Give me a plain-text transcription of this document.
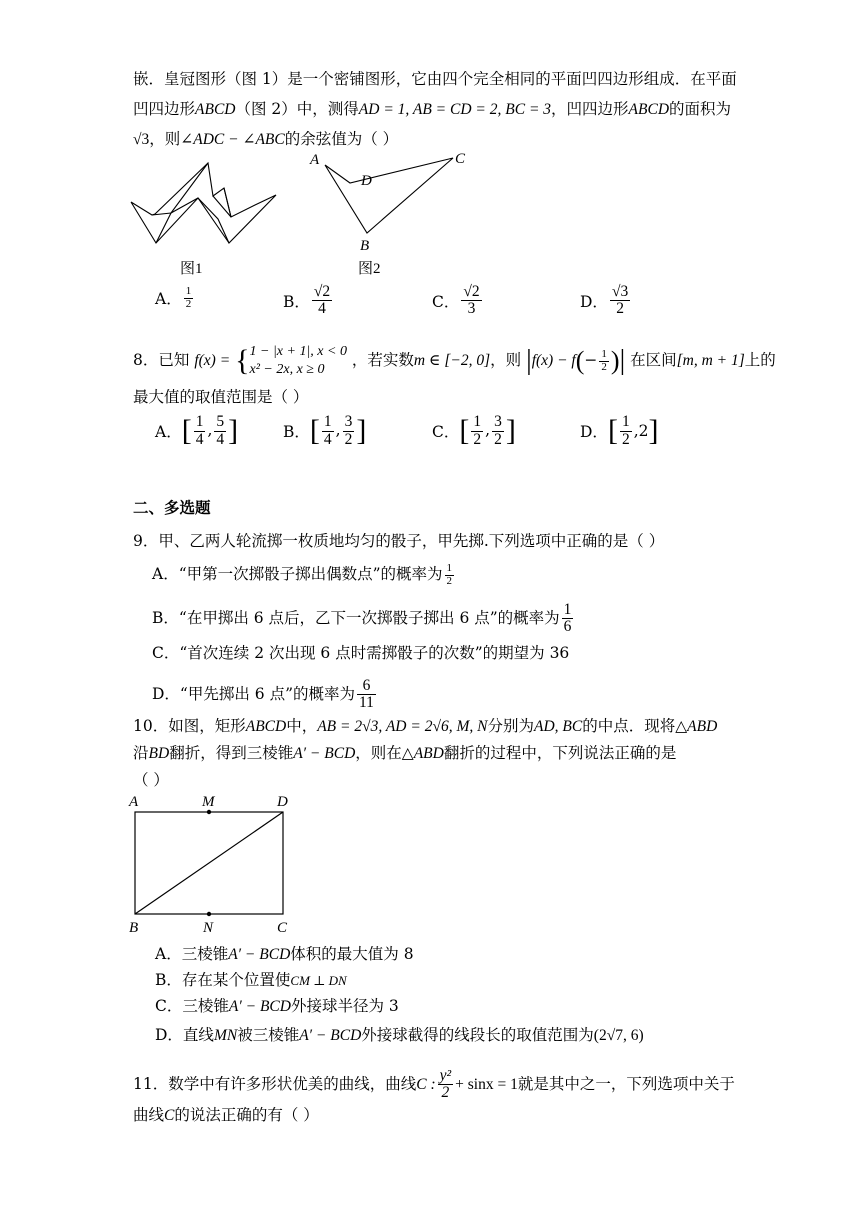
嵌．皇冠图形（图 1）是一个密铺图形，它由四个完全相同的平面凹四边形组成．在平面
凹四边形ABCD（图 2）中，测得AD = 1, AB = CD = 2, BC = 3，凹四边形ABCD的面积为
√3，则∠ADC − ∠ABC的余弦值为（ ）
图1
A
D
C
B
图2
A． $\frac{1}{2}$	B． $\frac{√2}{4}$	C． $\frac{√2}{3}$	D． $\frac{√3}{2}$
8．已知 f(x) = { 1 − |x + 1|, x < 0
x² − 2x, x ≥ 0
，若实数m ∈ [−2, 0]，则 $|f(x) - f(- \frac{1}{2}$ )| 在区间[m, m + 1]上的
最大值的取值范围是（ ）
A．[ $\frac{1}{4}$ , $\frac{5}{4}$ ]	B．[ $\frac{1}{4}$ , $\frac{3}{2}$ ]	C．[ $\frac{1}{2}$ , $\frac{3}{2}$ ]	D．[ $\frac{1}{2} ,2$]
二、多选题
9．甲、乙两人轮流掷一枚质地均匀的骰子，甲先掷.下列选项中正确的是（ ）
A．“甲第一次掷骰子掷出偶数点”的概率为 $\frac{1}{2}$
B．“在甲掷出 6 点后，乙下一次掷骰子掷出 6 点”的概率为 $\frac{1}{6}$
C．“首次连续 2 次出现 6 点时需掷骰子的次数”的期望为 36
D．“甲先掷出 6 点”的概率为 $\frac{6}{11}$
10．如图，矩形ABCD中，AB = 2√3, AD = 2√6, M, N分别为AD, BC的中点．现将△ABD
沿BD翻折，得到三棱锥A′ − BCD，则在△ABD翻折的过程中，下列说法正确的是
（ ）
A	M	D
B	N	C
A．三棱锥A′ − BCD体积的最大值为 8
B．存在某个位置使CM ⊥ DN
C．三棱锥A′ − BCD外接球半径为 3
D．直线MN被三棱锥A′ − BCD外接球截得的线段长的取值范围为(2√7, 6)
11．数学中有许多形状优美的曲线，曲线C : $\frac{\text{y²}}{2} + \sin x = 1$就是其中之一，下列选项中关于
曲线C的说法正确的有（ ）
